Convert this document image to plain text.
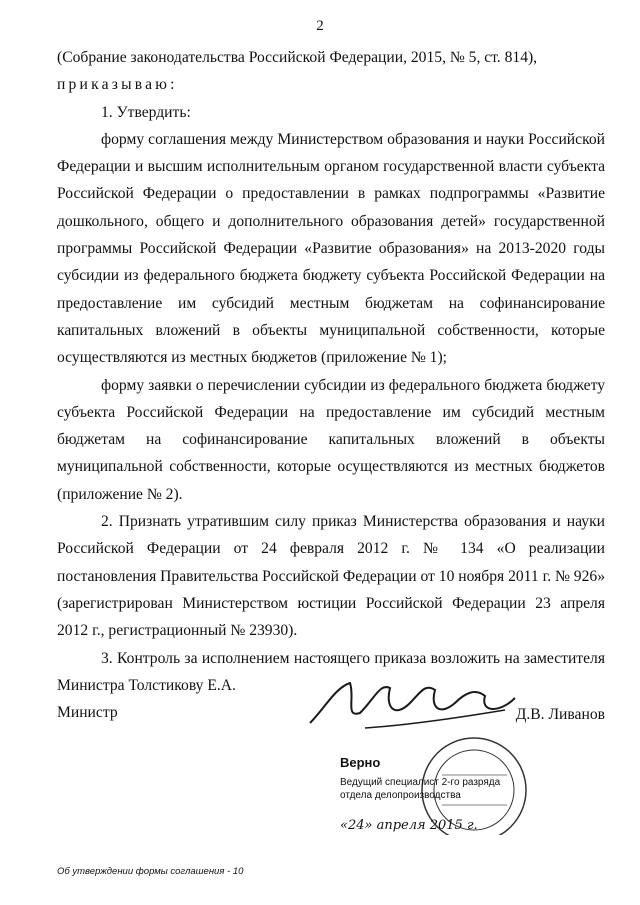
2

(Собрание законодательства Российской Федерации, 2015, № 5, ст. 814),

приказываю:

1. Утвердить:

форму соглашения между Министерством образования и науки Российской Федерации и высшим исполнительным органом государственной власти субъекта Российской Федерации о предоставлении в рамках подпрограммы «Развитие дошкольного, общего и дополнительного образования детей» государственной программы Российской Федерации «Развитие образования» на 2013-2020 годы субсидии из федерального бюджета бюджету субъекта Российской Федерации на предоставление им субсидий местным бюджетам на софинансирование капитальных вложений в объекты муниципальной собственности, которые осуществляются из местных бюджетов (приложение № 1);

форму заявки о перечислении субсидии из федерального бюджета бюджету субъекта Российской Федерации на предоставление им субсидий местным бюджетам на софинансирование капитальных вложений в объекты муниципальной собственности, которые осуществляются из местных бюджетов (приложение № 2).

2. Признать утратившим силу приказ Министерства образования и науки Российской Федерации от 24 февраля 2012 г. № 134 «О реализации постановления Правительства Российской Федерации от 10 ноября 2011 г. № 926» (зарегистрирован Министерством юстиции Российской Федерации 23 апреля 2012 г., регистрационный № 23930).

3. Контроль за исполнением настоящего приказа возложить на заместителя Министра Толстикову Е.А.

Министр	Д.В. Ливанов
Верно
Ведущий специалист 2-го разряда
отдела делопроизводства
«24» апреля 2015 г.
Об утверждении формы соглашения - 10
